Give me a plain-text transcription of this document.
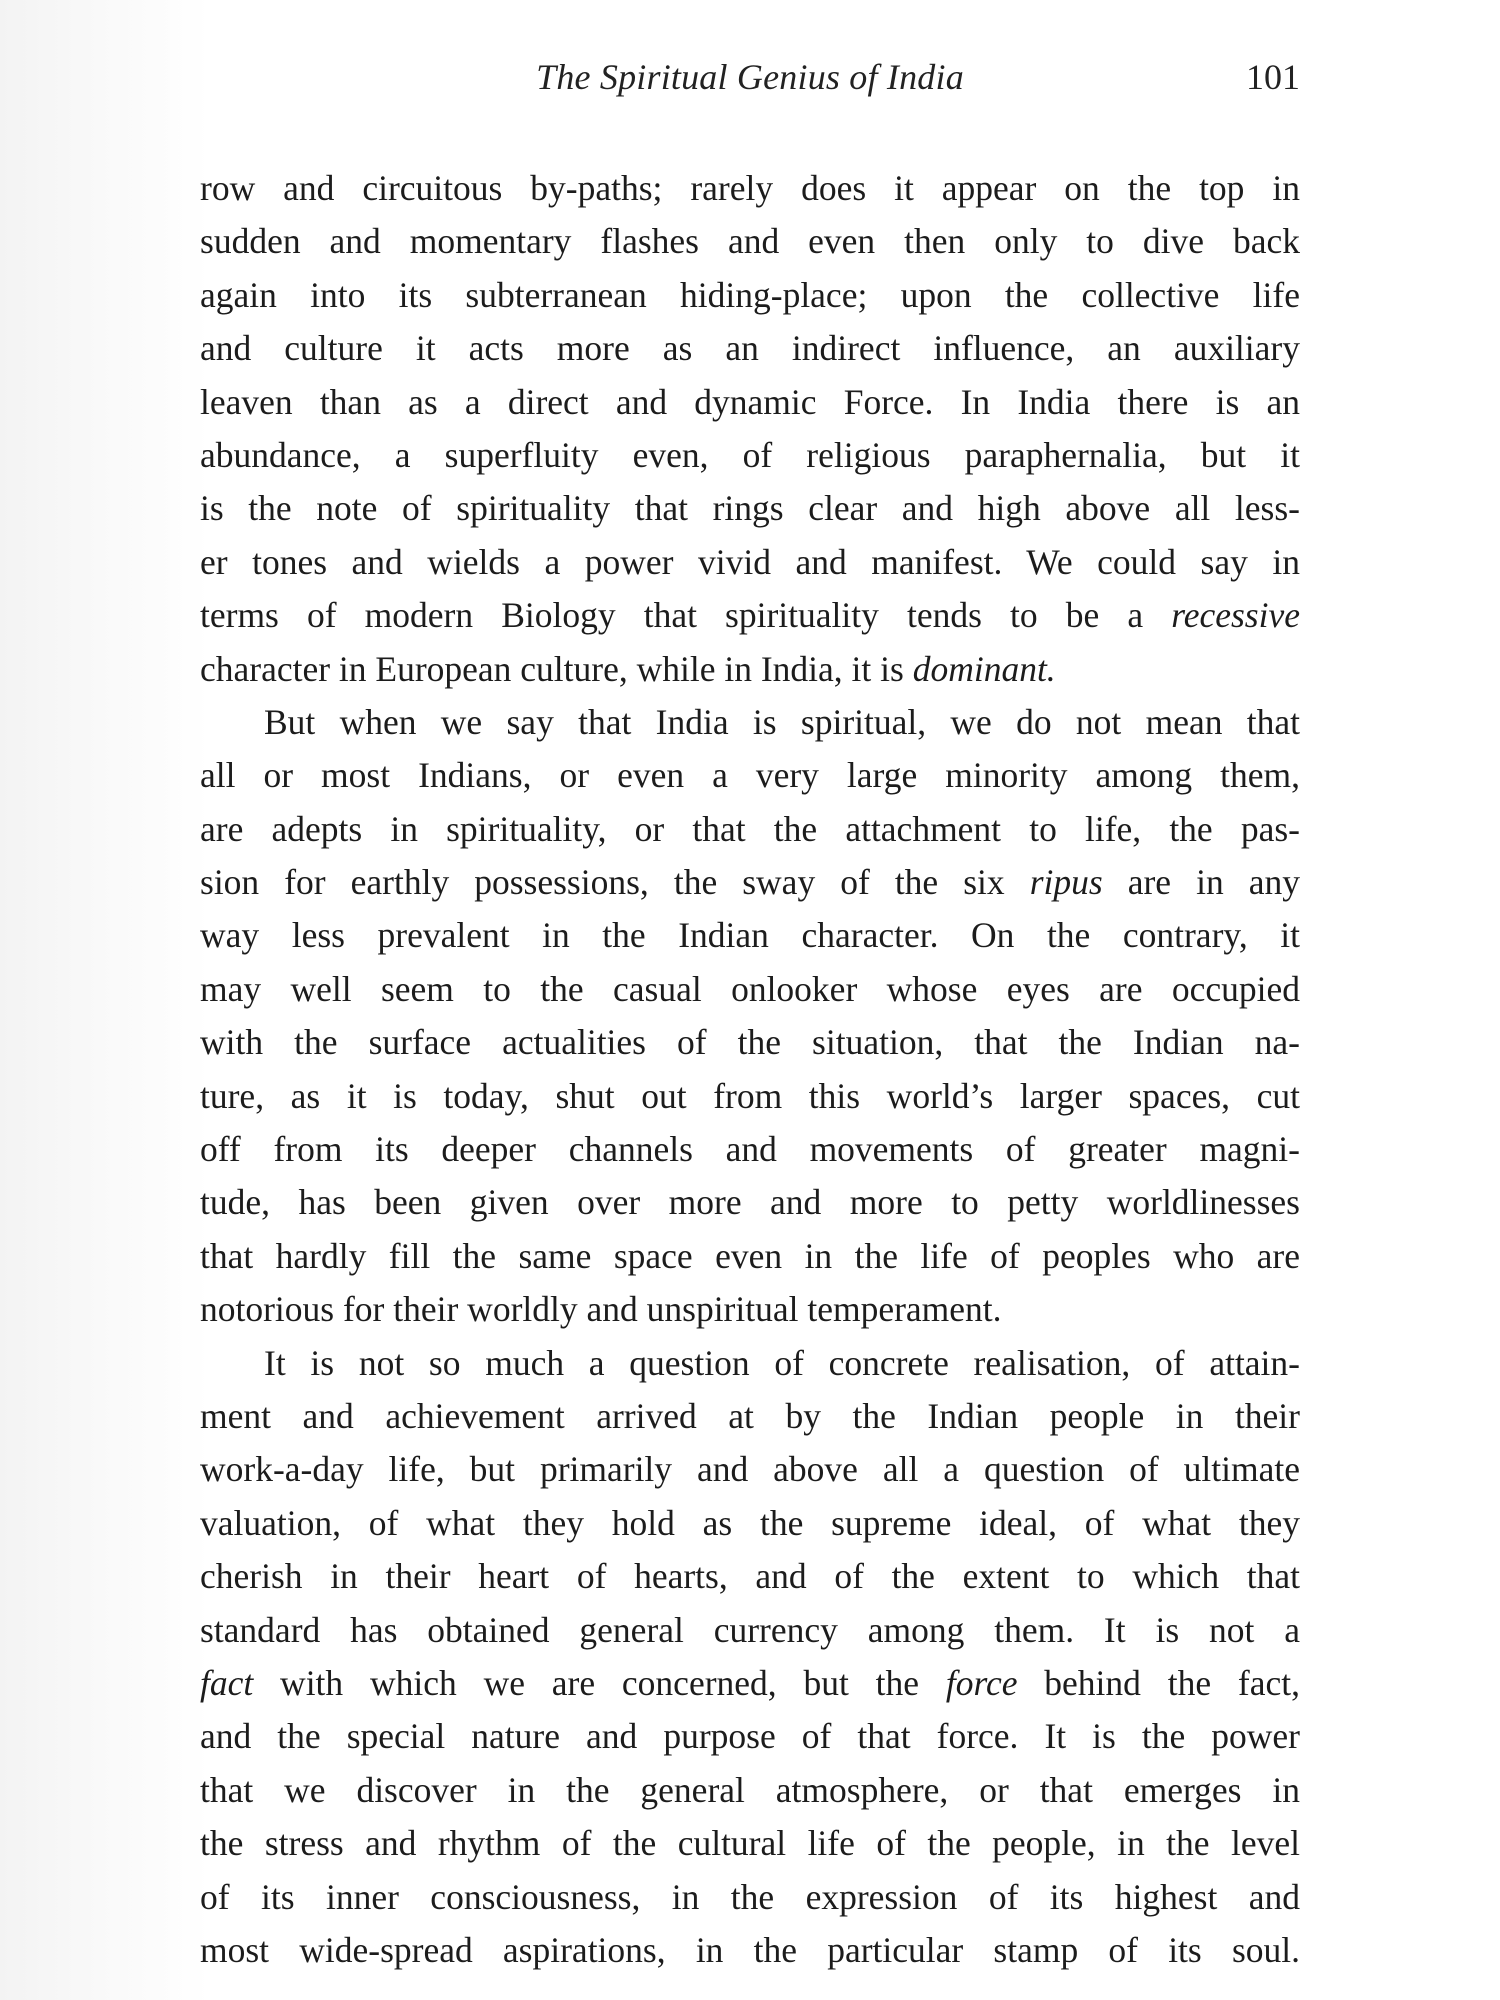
The Spiritual Genius of India	101
row and circuitous by-paths; rarely does it appear on the top in
sudden and momentary flashes and even then only to dive back
again into its subterranean hiding-place; upon the collective life
and culture it acts more as an indirect influence, an auxiliary
leaven than as a direct and dynamic Force. In India there is an
abundance, a superfluity even, of religious paraphernalia, but it
is the note of spirituality that rings clear and high above all less-
er tones and wields a power vivid and manifest. We could say in
terms of modern Biology that spirituality tends to be a recessive
character in European culture, while in India, it is dominant.
But when we say that India is spiritual, we do not mean that
all or most Indians, or even a very large minority among them,
are adepts in spirituality, or that the attachment to life, the pas-
sion for earthly possessions, the sway of the six ripus are in any
way less prevalent in the Indian character. On the contrary, it
may well seem to the casual onlooker whose eyes are occupied
with the surface actualities of the situation, that the Indian na-
ture, as it is today, shut out from this world’s larger spaces, cut
off from its deeper channels and movements of greater magni-
tude, has been given over more and more to petty worldlinesses
that hardly fill the same space even in the life of peoples who are
notorious for their worldly and unspiritual temperament.
It is not so much a question of concrete realisation, of attain-
ment and achievement arrived at by the Indian people in their
work-a-day life, but primarily and above all a question of ultimate
valuation, of what they hold as the supreme ideal, of what they
cherish in their heart of hearts, and of the extent to which that
standard has obtained general currency among them. It is not a
fact with which we are concerned, but the force behind the fact,
and the special nature and purpose of that force. It is the power
that we discover in the general atmosphere, or that emerges in
the stress and rhythm of the cultural life of the people, in the level
of its inner consciousness, in the expression of its highest and
most wide-spread aspirations, in the particular stamp of its soul.
